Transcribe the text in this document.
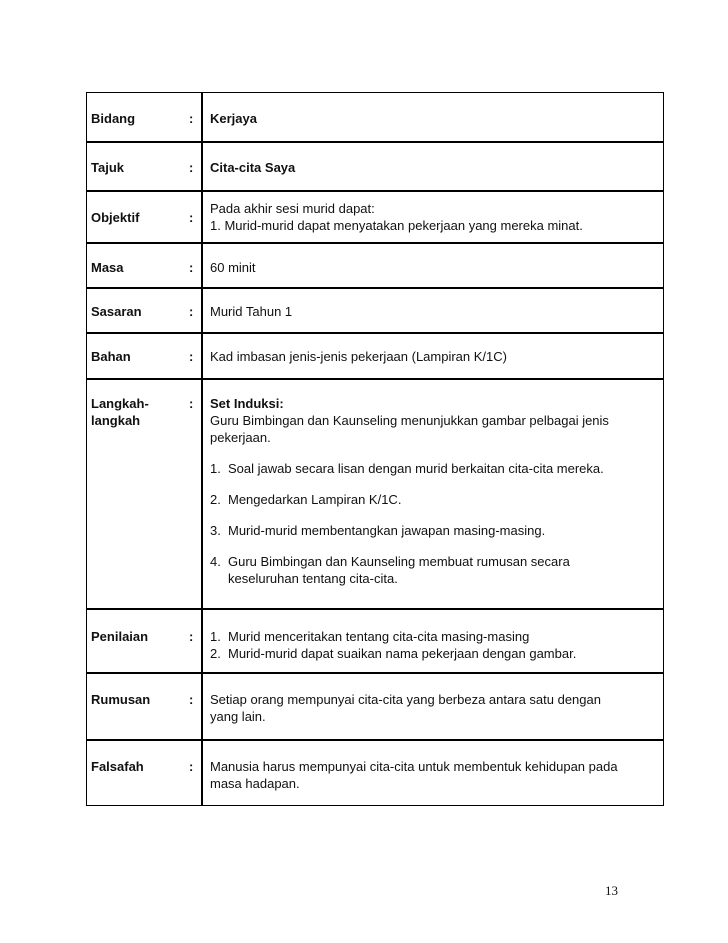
Bidang	: Kerjaya
Tajuk	: Cita-cita Saya
Objektif	:
Pada akhir sesi murid dapat:
1. Murid-murid dapat menyatakan pekerjaan yang mereka minat.
Masa	: 60 minit
Sasaran	: Murid Tahun 1
Bahan	: Kad imbasan jenis-jenis pekerjaan (Lampiran K/1C)
Langkah-
langkah
: Set Induksi:
Guru Bimbingan dan Kaunseling menunjukkan gambar pelbagai jenis pekerjaan.
1. Soal jawab secara lisan dengan murid berkaitan cita-cita mereka.
2. Mengedarkan Lampiran K/1C.
3. Murid-murid membentangkan jawapan masing-masing.
4. Guru Bimbingan dan Kaunseling membuat rumusan secara keseluruhan tentang cita-cita.
Penilaian	: 1. Murid menceritakan tentang cita-cita masing-masing
2. Murid-murid dapat suaikan nama pekerjaan dengan gambar.
Rumusan	: Setiap orang mempunyai cita-cita yang berbeza antara satu dengan yang lain.
Falsafah	: Manusia harus mempunyai cita-cita untuk membentuk kehidupan pada masa hadapan.
13
